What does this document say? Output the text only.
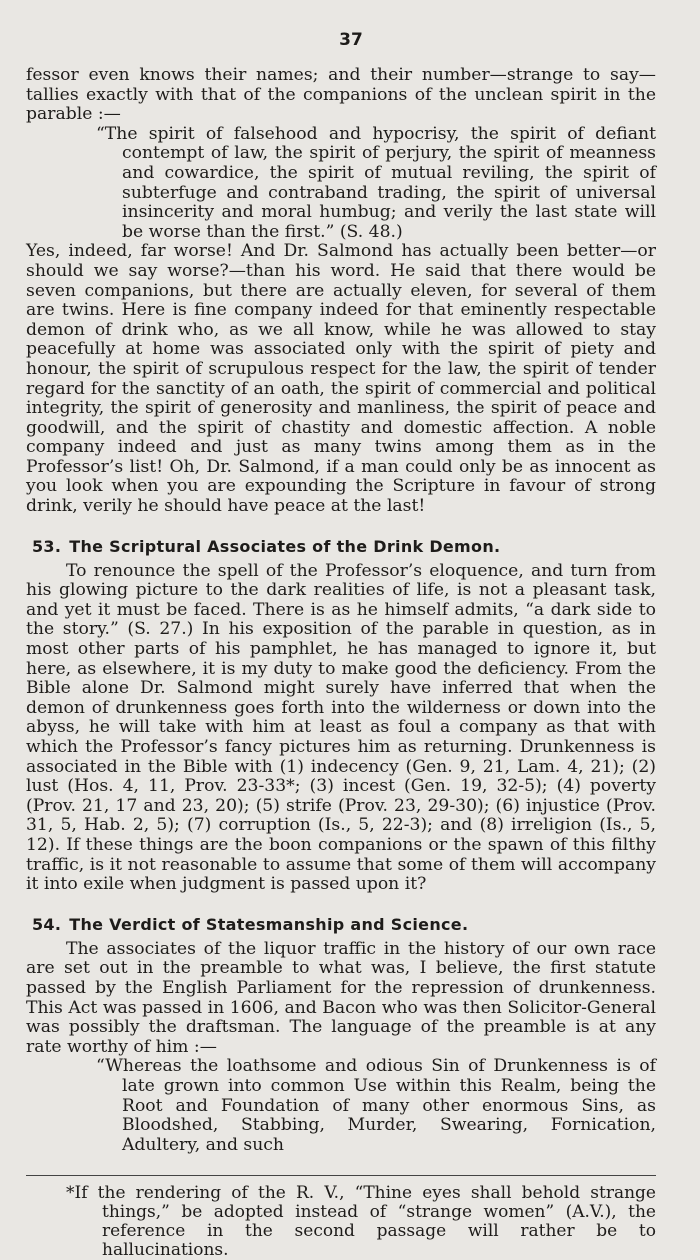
37

fessor even knows their names; and their number—strange to say—tallies exactly with that of the companions of the unclean spirit in the parable :—

“The spirit of falsehood and hypocrisy, the spirit of defiant contempt of law, the spirit of perjury, the spirit of meanness and cowardice, the spirit of mutual reviling, the spirit of subterfuge and contraband trading, the spirit of universal insincerity and moral humbug; and verily the last state will be worse than the first.” (S. 48.)

Yes, indeed, far worse! And Dr. Salmond has actually been better—or should we say worse?—than his word. He said that there would be seven companions, but there are actually eleven, for several of them are twins. Here is fine company indeed for that eminently respectable demon of drink who, as we all know, while he was allowed to stay peacefully at home was associated only with the spirit of piety and honour, the spirit of scrupulous respect for the law, the spirit of tender regard for the sanctity of an oath, the spirit of commercial and political integrity, the spirit of generosity and manliness, the spirit of peace and goodwill, and the spirit of chastity and domestic affection. A noble company indeed and just as many twins among them as in the Professor’s list! Oh, Dr. Salmond, if a man could only be as innocent as you look when you are expounding the Scripture in favour of strong drink, verily he should have peace at the last!

53. The Scriptural Associates of the Drink Demon.

To renounce the spell of the Professor’s eloquence, and turn from his glowing picture to the dark realities of life, is not a pleasant task, and yet it must be faced. There is as he himself admits, “a dark side to the story.” (S. 27.) In his exposition of the parable in question, as in most other parts of his pamphlet, he has managed to ignore it, but here, as elsewhere, it is my duty to make good the deficiency. From the Bible alone Dr. Salmond might surely have inferred that when the demon of drunkenness goes forth into the wilderness or down into the abyss, he will take with him at least as foul a company as that with which the Professor’s fancy pictures him as returning. Drunkenness is associated in the Bible with (1) indecency (Gen. 9, 21, Lam. 4, 21); (2) lust (Hos. 4, 11, Prov. 23-33*; (3) incest (Gen. 19, 32-5); (4) poverty (Prov. 21, 17 and 23, 20); (5) strife (Prov. 23, 29-30); (6) injustice (Prov. 31, 5, Hab. 2, 5); (7) corruption (Is., 5, 22-3); and (8) irreligion (Is., 5, 12). If these things are the boon companions or the spawn of this filthy traffic, is it not reasonable to assume that some of them will accompany it into exile when judgment is passed upon it?

54. The Verdict of Statesmanship and Science.

The associates of the liquor traffic in the history of our own race are set out in the preamble to what was, I believe, the first statute passed by the English Parliament for the repression of drunkenness. This Act was passed in 1606, and Bacon who was then Solicitor-General was possibly the draftsman. The language of the preamble is at any rate worthy of him :—

“Whereas the loathsome and odious Sin of Drunkenness is of late grown into common Use within this Realm, being the Root and Foundation of many other enormous Sins, as Bloodshed, Stabbing, Murder, Swearing, Fornication, Adultery, and such

*If the rendering of the R. V., “Thine eyes shall behold strange things,” be adopted instead of “strange women” (A.V.), the reference in the second passage will rather be to hallucinations.
